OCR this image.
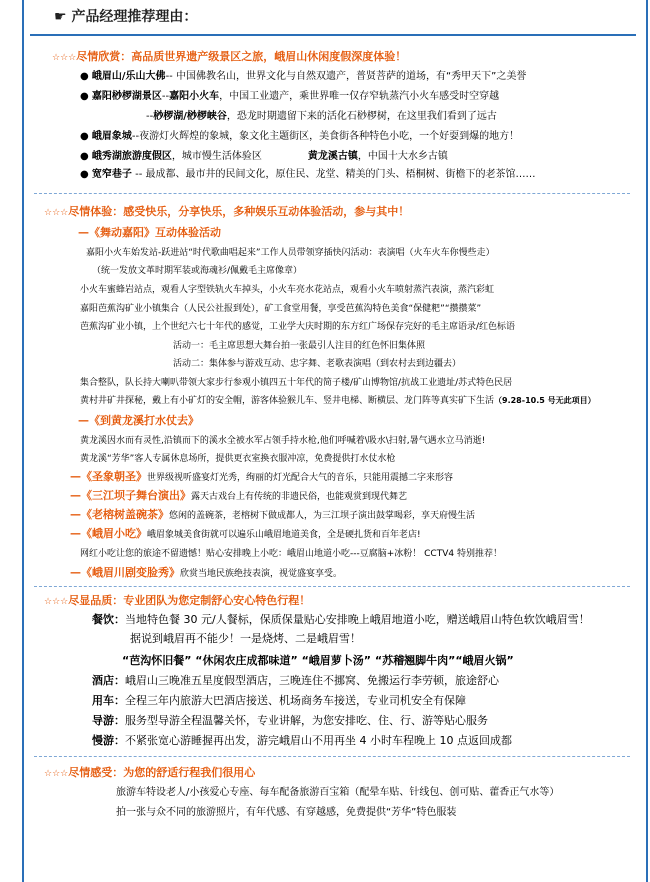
☛ 产品经理推荐理由：
☆☆☆尽情欣赏：高品质世界遗产级景区之旅，峨眉山休闲度假深度体验！
● 峨眉山/乐山大佛-- 中国佛教名山，世界文化与自然双遗产，普贤菩萨的道场，有“秀甲天下”之美誉
● 嘉阳桫椤湖景区--嘉阳小火车，中国工业遗产，乘世界唯一仅存窄轨蒸汽小火车感受时空穿越
--桫椤湖/桫椤峡谷，恐龙时期遗留下来的活化石桫椤树，在这里我们看到了远古
● 峨眉象城--夜游灯火辉煌的象城，象文化主题街区，美食街各种特色小吃，一个好耍到爆的地方！
● 峨秀湖旅游度假区，城市慢生活体验区	黄龙溪古镇，中国十大水乡古镇
● 宽窄巷子 -- 最成都、最市井的民间文化，原住民、龙堂、精美的门头、梧桐树、街檐下的老茶馆……
☆☆☆尽情体验：感受快乐，分享快乐，多种娱乐互动体验活动，参与其中！
—《舞动嘉阳》互动体验活动
嘉阳小火车始发站-跃进站“时代歌曲唱起来”工作人员带领穿插快闪活动：表演唱（火车火车你慢些走）
（统一发放文革时期军装或海魂衫/佩戴毛主席像章）
小火车蜜蜂岩站点，观看人字型铁轨火车掉头，小火车亮水花站点，观看小火车喷射蒸汽表演，蒸汽彩虹
嘉阳芭蕉沟矿业小镇集合（人民公社报到处），矿工食堂用餐，享受芭蕉沟特色美食“保健粑”“攒攒菜”
芭蕉沟矿业小镇，上个世纪六七十年代的感觉，工业学大庆时期的东方红广场保存完好的毛主席语录/红色标语
活动一：毛主席思想大舞台拍一张最引人注目的红色怀旧集体照
活动二：集体参与游戏互动、忠字舞、老歌表演唱（到农村去到边疆去）
集合整队，队长持大喇叭带领大家步行参观小镇四五十年代的简子楼/矿山博物馆/抗战工业遗址/苏式特色民居
黄村井矿井探秘，戴上有小矿灯的安全帽，游客体验猴儿车、竖井电梯、断横层、龙门阵等真实矿下生活（9.28-10.5 号无此项目）
—《到黄龙溪打水仗去》
黄龙溪因水而有灵性,沿镇而下的溪水全被水军占领手持水枪,他们呼喊着\吸水\扫射,暑气遇水立马消逝!
黄龙溪“芳华”客人专属休息场所，提供更衣室换衣服冲凉，免费提供打水仗水枪
—《圣象朝圣》世界级视听盛宴灯光秀，绚丽的灯光配合大气的音乐，只能用震撼二字来形容
—《三江坝子舞台演出》露天古戏台上有传统的非遗民俗，也能观赏到现代舞艺
—《老榕树盖碗茶》悠闲的盖碗茶，老榕树下做成都人，为三江坝子演出鼓掌喝彩，享天府慢生活
—《峨眉小吃》峨眉象城美食街就可以遍乐山峨眉地道美食，全是硬扎货和百年老店!
网红小吃让您的旅途不留遗憾！贴心安排晚上小吃：峨眉山地道小吃---豆腐脑+冰粉！ CCTV4 特别推荐！
—《峨眉川剧变脸秀》欣赏当地民族绝技表演，视觉盛宴享受。
☆☆☆尽显品质：专业团队为您定制舒心安心特色行程！
餐饮：当地特色餐 30 元/人餐标，保质保量贴心安排晚上峨眉地道小吃，赠送峨眉山特色软饮峨眉雪！
据说到峨眉再不能少！一是烧烤、二是峨眉雪！
“芭沟怀旧餐” “休闲农庄成都味道” “峨眉萝卜汤” “苏稽翘脚牛肉”“峨眉火锅”
酒店：峨眉山三晚准五星度假型酒店，三晚连住不挪窝、免搬运行李劳顿，旅途舒心
用车：全程三年内旅游大巴酒店接送、机场商务车接送，专业司机安全有保障
导游：服务型导游全程温馨关怀，专业讲解，为您安排吃、住、行、游等贴心服务
慢游：不紧张宽心游睡握再出发，游完峨眉山不用再坐 4 小时车程晚上 10 点返回成都
☆☆☆尽情感受：为您的舒适行程我们很用心
旅游车特设老人/小孩爱心专座、每车配备旅游百宝箱（配晕车贴、针线包、创可贴、藿香正气水等）
拍一张与众不同的旅游照片，有年代感、有穿越感，免费提供“芳华”特色服装
